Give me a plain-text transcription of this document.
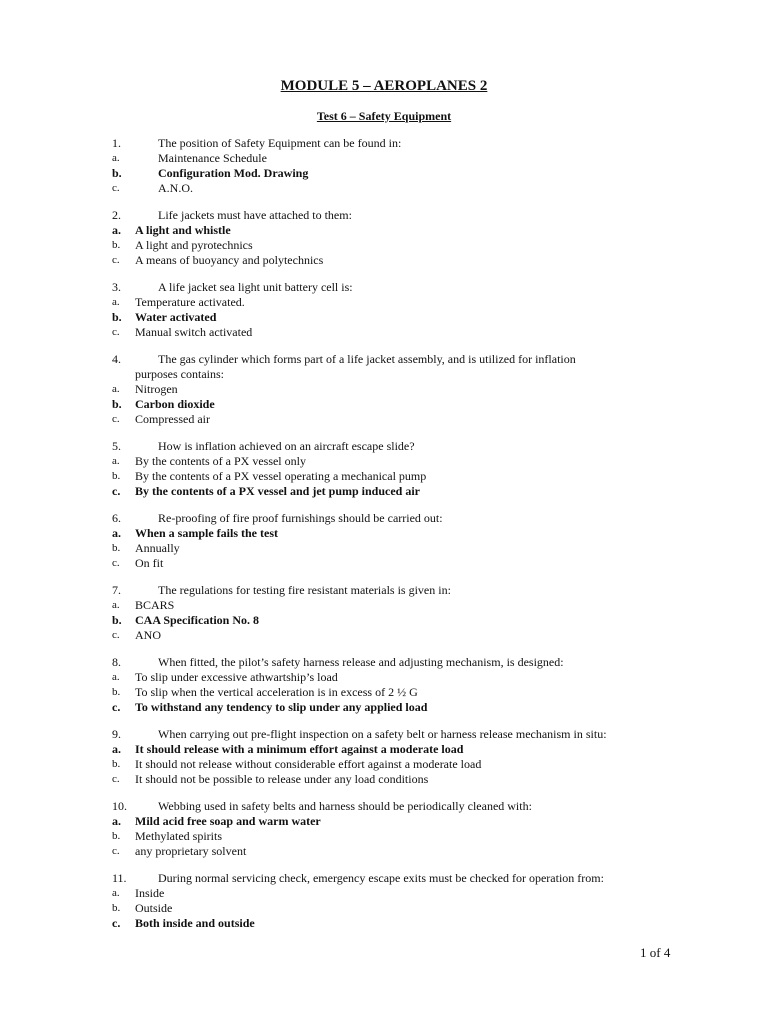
MODULE 5 – AEROPLANES 2
Test 6 – Safety Equipment
1.	The position of Safety Equipment can be found in:
a.	Maintenance Schedule
b.	Configuration Mod. Drawing
c.	A.N.O.
2.	Life jackets must have attached to them:
a.	A light and whistle
b.	A light and pyrotechnics
c.	A means of buoyancy and polytechnics
3.	A life jacket sea light unit battery cell is:
a.	Temperature activated.
b.	Water activated
c.	Manual switch activated
4.	The gas cylinder which forms part of a life jacket assembly, and is utilized for inflation
purposes contains:
a.	Nitrogen
b.	Carbon dioxide
c.	Compressed air
5.	How is inflation achieved on an aircraft escape slide?
a.	By the contents of a PX vessel only
b.	By the contents of a PX vessel operating a mechanical pump
c.	By the contents of a PX vessel and jet pump induced air
6.	Re-proofing of fire proof furnishings should be carried out:
a.	When a sample fails the test
b.	Annually
c.	On fit
7.	The regulations for testing fire resistant materials is given in:
a.	BCARS
b.	CAA Specification No. 8
c.	ANO
8.	When fitted, the pilot’s safety harness release and adjusting mechanism, is designed:
a.	To slip under excessive athwartship’s load
b.	To slip when the vertical acceleration is in excess of 2 ½ G
c.	To withstand any tendency to slip under any applied load
9.	When carrying out pre-flight inspection on a safety belt or harness release mechanism in situ:
a.	It should release with a minimum effort against a moderate load
b.	It should not release without considerable effort against a moderate load
c.	It should not be possible to release under any load conditions
10.	Webbing used in safety belts and harness should be periodically cleaned with:
a.	Mild acid free soap and warm water
b.	Methylated spirits
c.	any proprietary solvent
11.	During normal servicing check, emergency escape exits must be checked for operation from:
a.	Inside
b.	Outside
c.	Both inside and outside
1 of 4
